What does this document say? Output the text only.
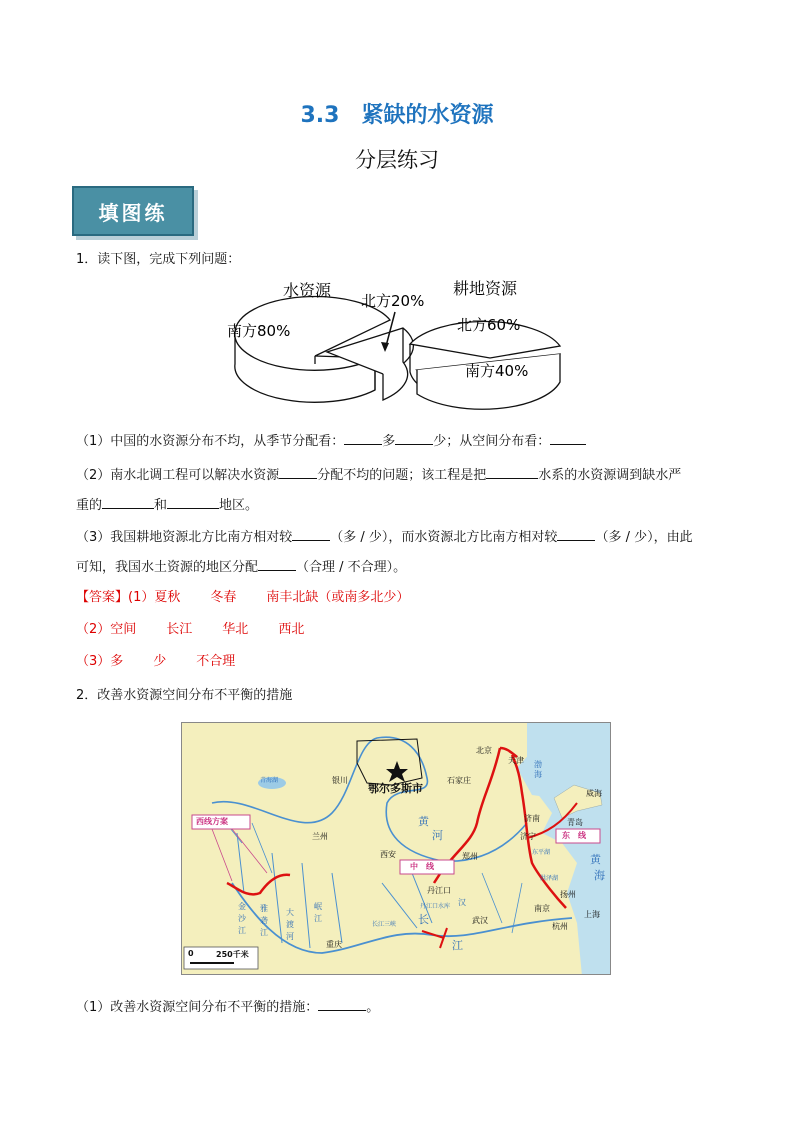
3.3　紧缺的水资源
分层练习
填图练
1．读下图，完成下列问题：
水资源
南方80%
北方20%
耕地资源
北方60%
南方40%
（1）中国的水资源分布不均，从季节分配看：	多	少；从空间分布看：
（2）南水北调工程可以解决水资源	分配不均的问题；该工程是把	水系的水资源调到缺水严
重的	和	地区。
（3）我国耕地资源北方比南方相对较	（多 / 少），而水资源北方比南方相对较	（多 / 少），由此
可知，我国水土资源的地区分配	（合理 / 不合理）。
【答案】(1）夏秋 冬春 南丰北缺（或南多北少）
（2）空间 长江 华北 西北
（3）多 少 不合理
2．改善水资源空间分布不平衡的措施
西线方案
中　线
东　线
北京
天津
银川
鄂尔多斯市
石家庄
济南
威海
青岛
兰州	济宁
西安	郑州
丹江口	扬州
南京
上海
武汉
杭州
重庆
青海湖
河
黄
长
江
汉
金
沙
江
雅
砻
江
大
渡
河
岷
江
黄
海
东平湖
洪泽湖
丹江口水库
长江三峡
渤
海
0	250千米
（1）改善水资源空间分布不平衡的措施：	。
